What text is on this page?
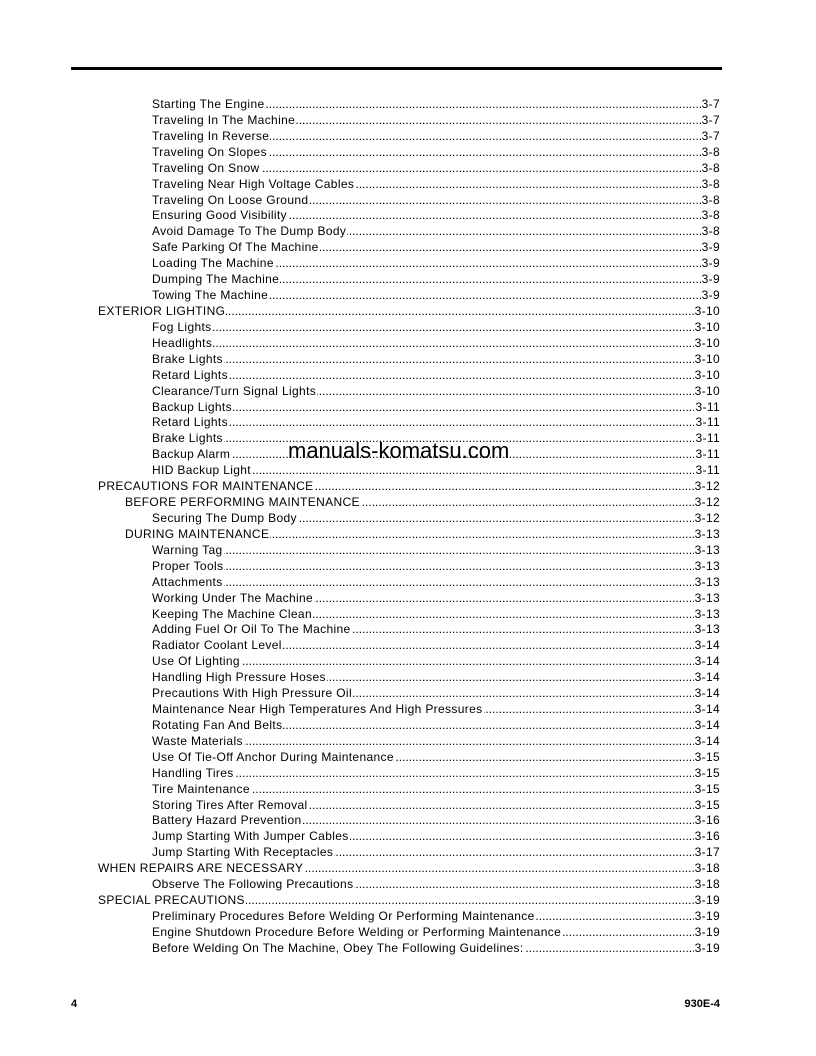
.....
Starting The Engine	3-7
.....
Traveling In The Machine	3-7
.....
Traveling In Reverse	3-7
.....
Traveling On Slopes	3-8
.....
Traveling On Snow	3-8
.....
Traveling Near High Voltage Cables	3-8
.....
Traveling On Loose Ground	3-8
.....
Ensuring Good Visibility	3-8
.....
Avoid Damage To The Dump Body	3-8
.....
Safe Parking Of The Machine	3-9
.....
Loading The Machine	3-9
.....
Dumping The Machine	3-9
.....
Towing The Machine	3-9
.....
EXTERIOR LIGHTING	3-10
.....
Fog Lights	3-10
.....
Headlights	3-10
.....
Brake Lights	3-10
.....
Retard Lights	3-10
.....
Clearance/Turn Signal Lights	3-10
.....
Backup Lights	3-11
.....
Retard Lights	3-11
.....
Brake Lights	3-11
.....
Backup Alarm	3-11
.....
HID Backup Light	3-11
.....
PRECAUTIONS FOR MAINTENANCE	3-12
.....
BEFORE PERFORMING MAINTENANCE	3-12
.....
Securing The Dump Body	3-12
.....
DURING MAINTENANCE	3-13
.....
Warning Tag	3-13
.....
Proper Tools	3-13
.....
Attachments	3-13
.....
Working Under The Machine	3-13
.....
Keeping The Machine Clean	3-13
.....
Adding Fuel Or Oil To The Machine	3-13
.....
Radiator Coolant Level	3-14
.....
Use Of Lighting	3-14
.....
Handling High Pressure Hoses	3-14
.....
Precautions With High Pressure Oil	3-14
.....
Maintenance Near High Temperatures And High Pressures	3-14
.....
Rotating Fan And Belts	3-14
.....
Waste Materials	3-14
.....
Use Of Tie-Off Anchor During Maintenance	3-15
.....
Handling Tires	3-15
.....
Tire Maintenance	3-15
.....
Storing Tires After Removal	3-15
.....
Battery Hazard Prevention	3-16
.....
Jump Starting With Jumper Cables	3-16
.....
Jump Starting With Receptacles	3-17
.....
WHEN REPAIRS ARE NECESSARY	3-18
.....
Observe The Following Precautions	3-18
.....
SPECIAL PRECAUTIONS	3-19
.....
Preliminary Procedures Before Welding Or Performing Maintenance	3-19
.....
Engine Shutdown Procedure Before Welding or Performing Maintenance	3-19
.....
Before Welding On The Machine, Obey The Following Guidelines:	3-19
manuals-komatsu.com
4	930E-4
